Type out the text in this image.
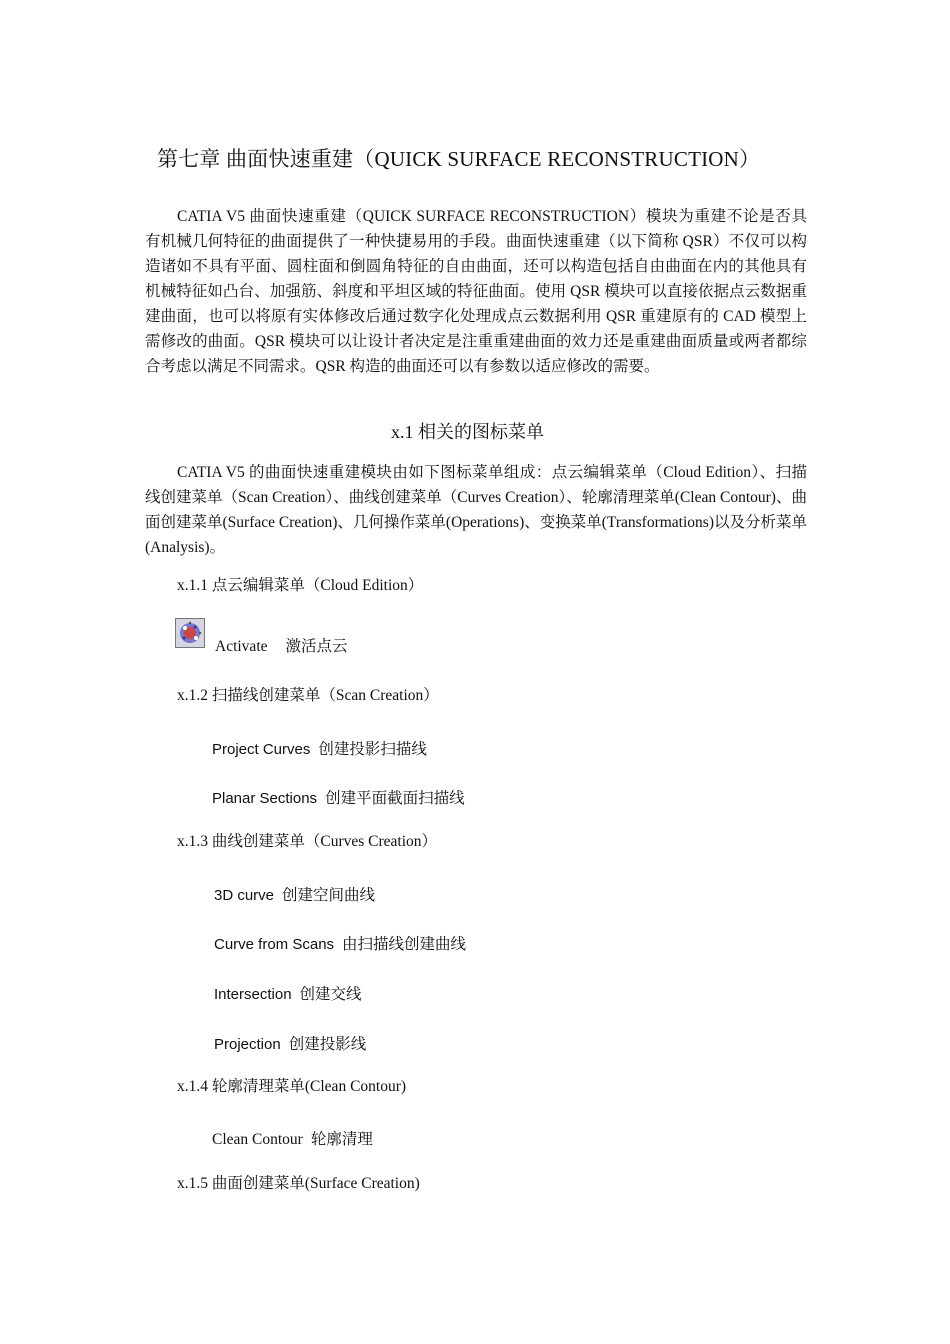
第七章 曲面快速重建（QUICK SURFACE RECONSTRUCTION）

CATIA V5 曲面快速重建（QUICK SURFACE RECONSTRUCTION）模块为重建不论是否具有机械几何特征的曲面提供了一种快捷易用的手段。曲面快速重建（以下简称 QSR）不仅可以构造诸如不具有平面、圆柱面和倒圆角特征的自由曲面，还可以构造包括自由曲面在内的其他具有机械特征如凸台、加强筋、斜度和平坦区域的特征曲面。使用 QSR 模块可以直接依据点云数据重建曲面，也可以将原有实体修改后通过数字化处理成点云数据利用 QSR 重建原有的 CAD 模型上需修改的曲面。QSR 模块可以让设计者决定是注重重建曲面的效力还是重建曲面质量或两者都综合考虑以满足不同需求。QSR 构造的曲面还可以有参数以适应修改的需要。

x.1 相关的图标菜单

CATIA V5 的曲面快速重建模块由如下图标菜单组成：点云编辑菜单（Cloud Edition）、扫描线创建菜单（Scan Creation）、曲线创建菜单（Curves Creation）、轮廓清理菜单(Clean Contour)、曲面创建菜单(Surface Creation)、几何操作菜单(Operations)、变换菜单(Transformations)以及分析菜单(Analysis)。

x.1.1 点云编辑菜单（Cloud Edition）
Activate 激活点云
x.1.2 扫描线创建菜单（Scan Creation）
Project Curves 创建投影扫描线
Planar Sections 创建平面截面扫描线
x.1.3 曲线创建菜单（Curves Creation）
3D curve 创建空间曲线
Curve from Scans 由扫描线创建曲线
Intersection 创建交线
Projection 创建投影线
x.1.4 轮廓清理菜单(Clean Contour)
Clean Contour 轮廓清理
x.1.5 曲面创建菜单(Surface Creation)
